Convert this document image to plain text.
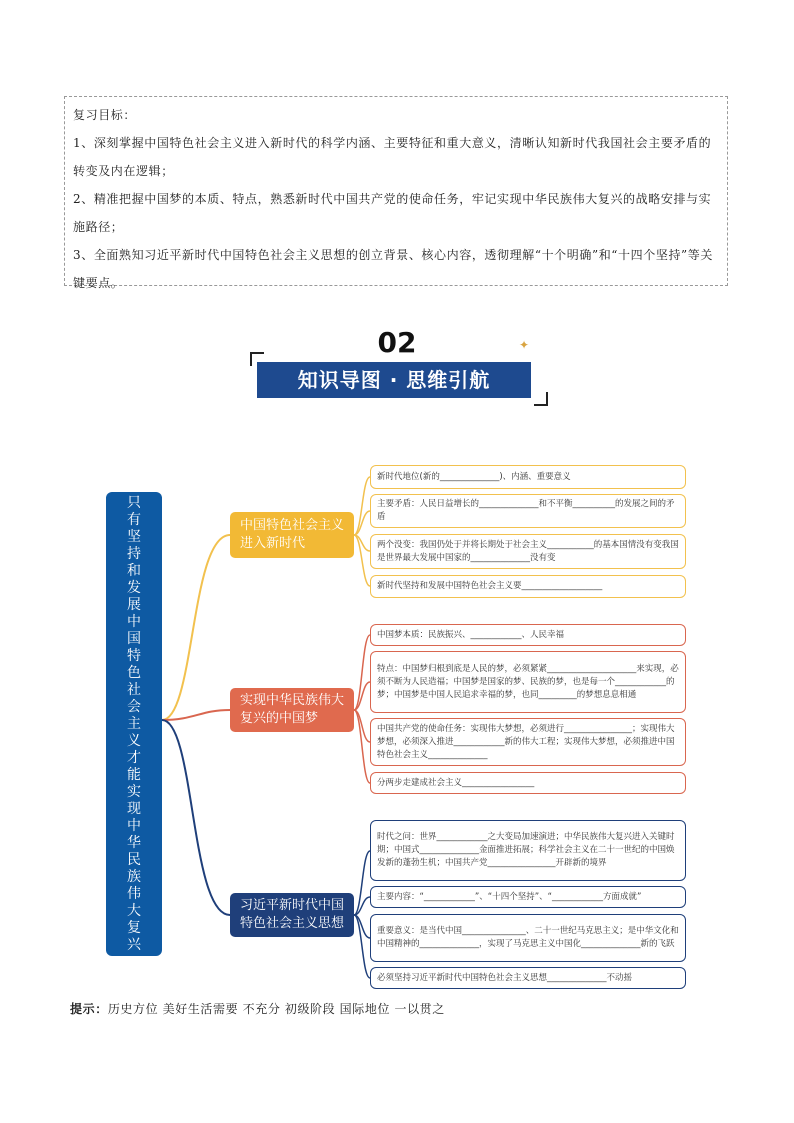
复习目标：

1、深刻掌握中国特色社会主义进入新时代的科学内涵、主要特征和重大意义，清晰认知新时代我国社会主要矛盾的转变及内在逻辑；

2、精准把握中国梦的本质、特点，熟悉新时代中国共产党的使命任务，牢记实现中华民族伟大复兴的战略安排与实施路径；

3、全面熟知习近平新时代中国特色社会主义思想的创立背景、核心内容，透彻理解“十个明确”和“十四个坚持”等关键要点。

02	✦
知识导图 · 思维引航
只
有
坚
持
和
发
展
中
国
特
色
社
会
主
义
才
能
实
现
中
华
民
族
伟
大
复
兴
中国特色社会主义进入新时代
实现中华民族伟大复兴的中国梦
习近平新时代中国特色社会主义思想
新时代地位(新的______________)、内涵、重要意义
主要矛盾：人民日益增长的______________和不平衡__________的发展之间的矛盾
两个没变：我国仍处于并将长期处于社会主义___________的基本国情没有变我国是世界最大发展中国家的______________没有变
新时代坚持和发展中国特色社会主义要___________________
中国梦本质：民族振兴、____________、人民幸福
特点：中国梦归根到底是人民的梦，必须紧紧_____________________来实现，必须不断为人民造福；中国梦是国家的梦、民族的梦，也是每一个____________的梦；中国梦是中国人民追求幸福的梦，也同_________的梦想息息相通
中国共产党的使命任务：实现伟大梦想，必须进行________________；实现伟大梦想，必须深入推进____________新的伟大工程；实现伟大梦想，必须推进中国特色社会主义______________
分两步走建成社会主义_________________
时代之问：世界____________之大变局加速演进；中华民族伟大复兴进入关键时期；中国式______________金面推进拓展；科学社会主义在二十一世纪的中国焕发新的蓬勃生机；中国共产党________________开辟新的境界
主要内容：“____________”、“十四个坚持”、“____________方面成就”
重要意义：是当代中国_______________、二十一世纪马克思主义；是中华文化和中国精神的______________，实现了马克思主义中国化______________新的飞跃
必须坚持习近平新时代中国特色社会主义思想______________不动摇
提示：历史方位 美好生活需要 不充分 初级阶段 国际地位 一以贯之
